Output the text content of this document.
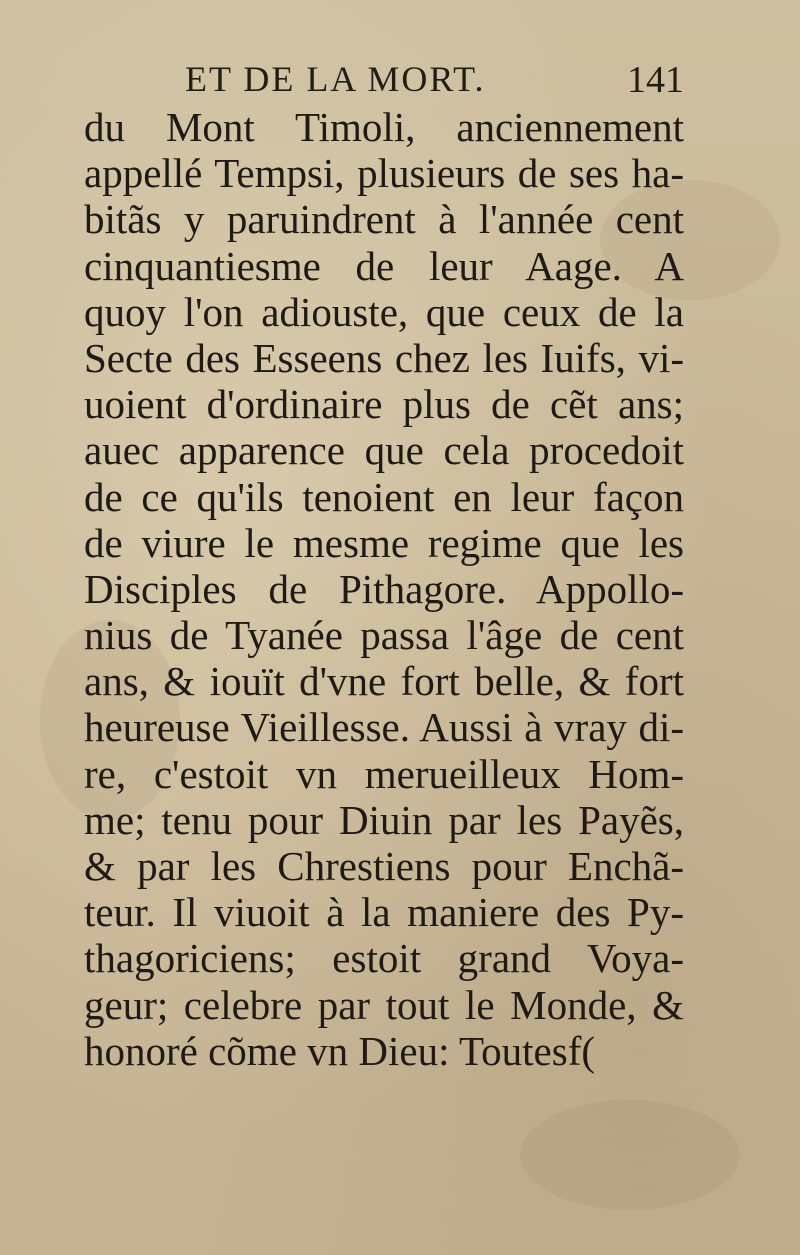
ET DE LA MORT.	141
du Mont Timoli, anciennement
appellé Tempsi, plusieurs de ses ha-
bitãs y paruindrent à l'année cent
cinquantiesme de leur Aage. A
quoy l'on adiouste, que ceux de la
Secte des Esseens chez les Iuifs, vi-
uoient d'ordinaire plus de cẽt ans;
auec apparence que cela procedoit
de ce qu'ils tenoient en leur façon
de viure le mesme regime que les
Disciples de Pithagore. Appollo-
nius de Tyanée passa l'âge de cent
ans, & iouït d'vne fort belle, & fort
heureuse Vieillesse. Aussi à vray di-
re, c'estoit vn merueilleux Hom-
me; tenu pour Diuin par les Payẽs,
& par les Chrestiens pour Enchã-
teur. Il viuoit à la maniere des Py-
thagoriciens; estoit grand Voya-
geur; celebre par tout le Monde, &
honoré cõme vn Dieu: Toutesf(
